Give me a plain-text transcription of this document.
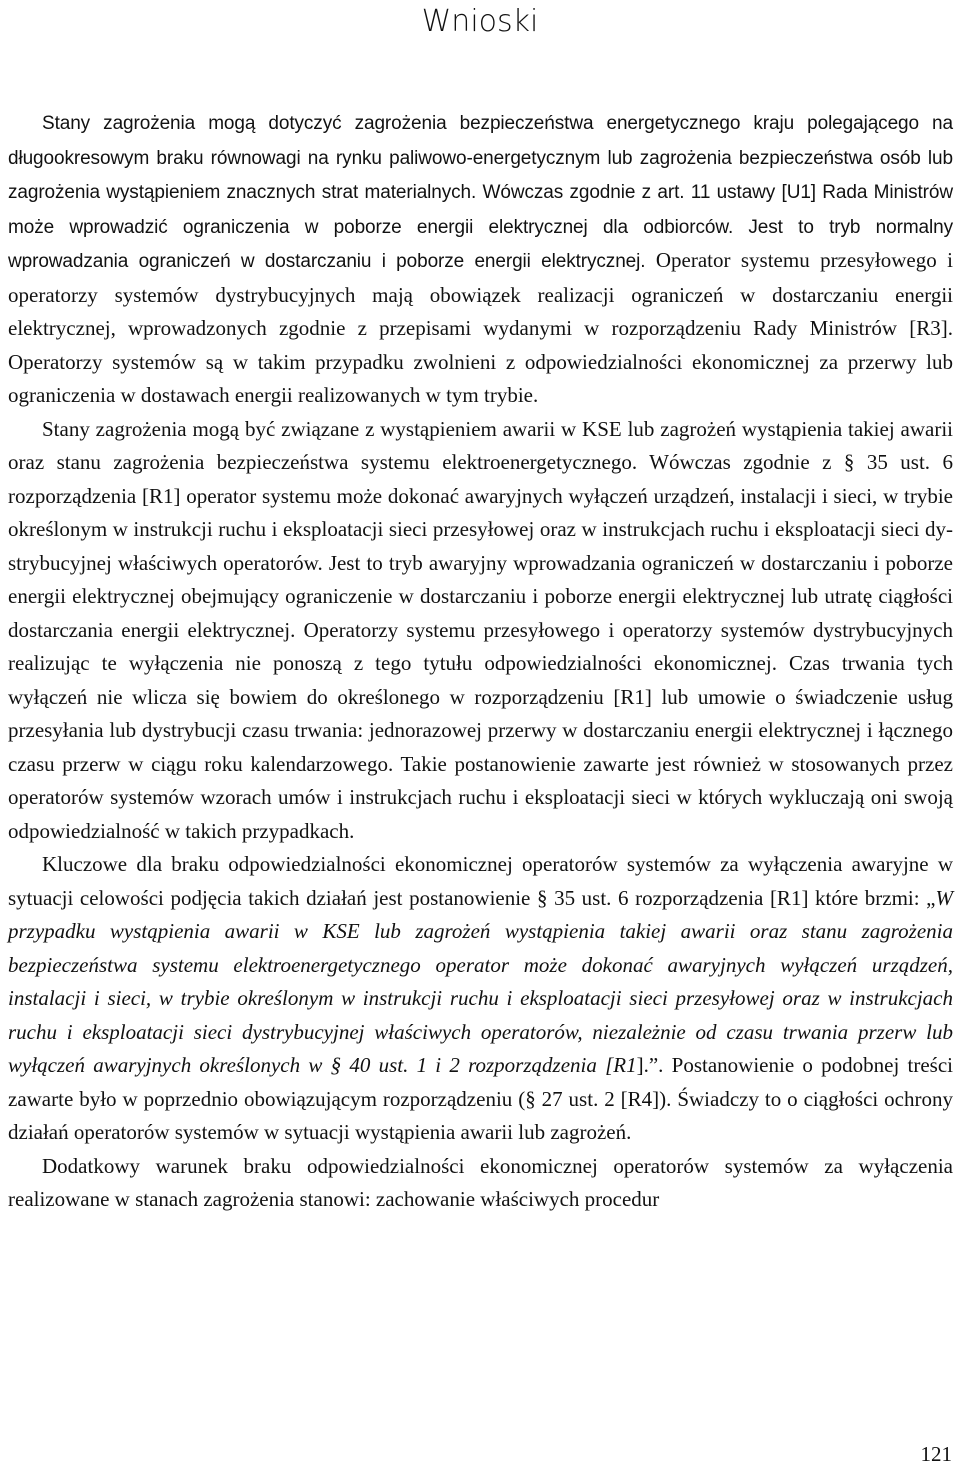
Wnioski

Stany zagrożenia mogą dotyczyć zagrożenia bezpieczeństwa energetycznego kraju polegającego na długookresowym braku równowagi na rynku paliwowo-energetycznym lub zagrożenia bezpieczeństwa osób lub zagrożenia wystąpieniem znacznych strat materialnych. Wówczas zgodnie z art. 11 ustawy [U1] Rada Ministrów może wprowadzić ograniczenia w poborze energii elektrycznej dla odbiorców. Jest to tryb normalny wprowadzania ograniczeń w dostarczaniu i poborze energii elektrycznej. Operator systemu przesyłowego i operatorzy systemów dystrybucyjnych mają obowiązek realizacji ograniczeń w dostarczaniu energii elektrycznej, wprowadzonych zgodnie z przepisami wydanymi w rozporządzeniu Rady Ministrów [R3]. Operatorzy systemów są w takim przypadku zwolnieni z odpowiedzialności ekonomicznej za przerwy lub ograniczenia w dostawach energii realizowanych w tym trybie.

Stany zagrożenia mogą być związane z wystąpieniem awarii w KSE lub zagrożeń wystąpienia takiej awarii oraz stanu zagrożenia bezpieczeństwa systemu elektroenergetycznego. Wówczas zgodnie z § 35 ust. 6 rozporządzenia [R1] operator systemu może dokonać awaryjnych wyłączeń urządzeń, instalacji i sieci, w trybie określonym w instrukcji ruchu i eksploatacji sieci przesyłowej oraz w instrukcjach ruchu i eksploatacji sieci dystrybucyjnej właściwych operatorów. Jest to tryb awaryjny wprowadzania ograniczeń w dostarczaniu i poborze energii elektrycznej obejmujący ograniczenie w dostarczaniu i poborze energii elektrycznej lub utratę ciągłości dostarczania energii elektrycznej. Operatorzy systemu przesyłowego i operatorzy systemów dystrybucyjnych realizując te wyłączenia nie ponoszą z tego tytułu odpowiedzialności ekonomicznej. Czas trwania tych wyłączeń nie wlicza się bowiem do określonego w rozporządzeniu [R1] lub umowie o świadczenie usług przesyłania lub dystrybucji czasu trwania: jednorazowej przerwy w dostarczaniu energii elektrycznej i łącznego czasu przerw w ciągu roku kalendarzowego. Takie postanowienie zawarte jest również w stosowanych przez operatorów systemów wzorach umów i instrukcjach ruchu i eksploatacji sieci w których wykluczają oni swoją odpowiedzialność w takich przypadkach.

Kluczowe dla braku odpowiedzialności ekonomicznej operatorów systemów za wyłączenia awaryjne w sytuacji celowości podjęcia takich działań jest postanowienie § 35 ust. 6 rozporządzenia [R1] które brzmi: „W przypadku wystąpienia awarii w KSE lub zagrożeń wystąpienia takiej awarii oraz stanu zagrożenia bezpieczeństwa systemu elektroenergetycznego operator może dokonać awaryjnych wyłączeń urządzeń, instalacji i sieci, w trybie określonym w instrukcji ruchu i eksploatacji sieci przesyłowej oraz w instrukcjach ruchu i eksploatacji sieci dystrybucyjnej właściwych operatorów, niezależnie od czasu trwania przerw lub wyłączeń awaryjnych określonych w § 40 ust. 1 i 2 rozporządzenia [R1].”. Postanowienie o podobnej treści zawarte było w poprzednio obowiązującym rozporządzeniu (§ 27 ust. 2 [R4]). Świadczy to o ciągłości ochrony działań operatorów systemów w sytuacji wystąpienia awarii lub zagrożeń.

Dodatkowy warunek braku odpowiedzialności ekonomicznej operatorów systemów za wyłączenia realizowane w stanach zagrożenia stanowi: zachowanie właściwych procedur

121
